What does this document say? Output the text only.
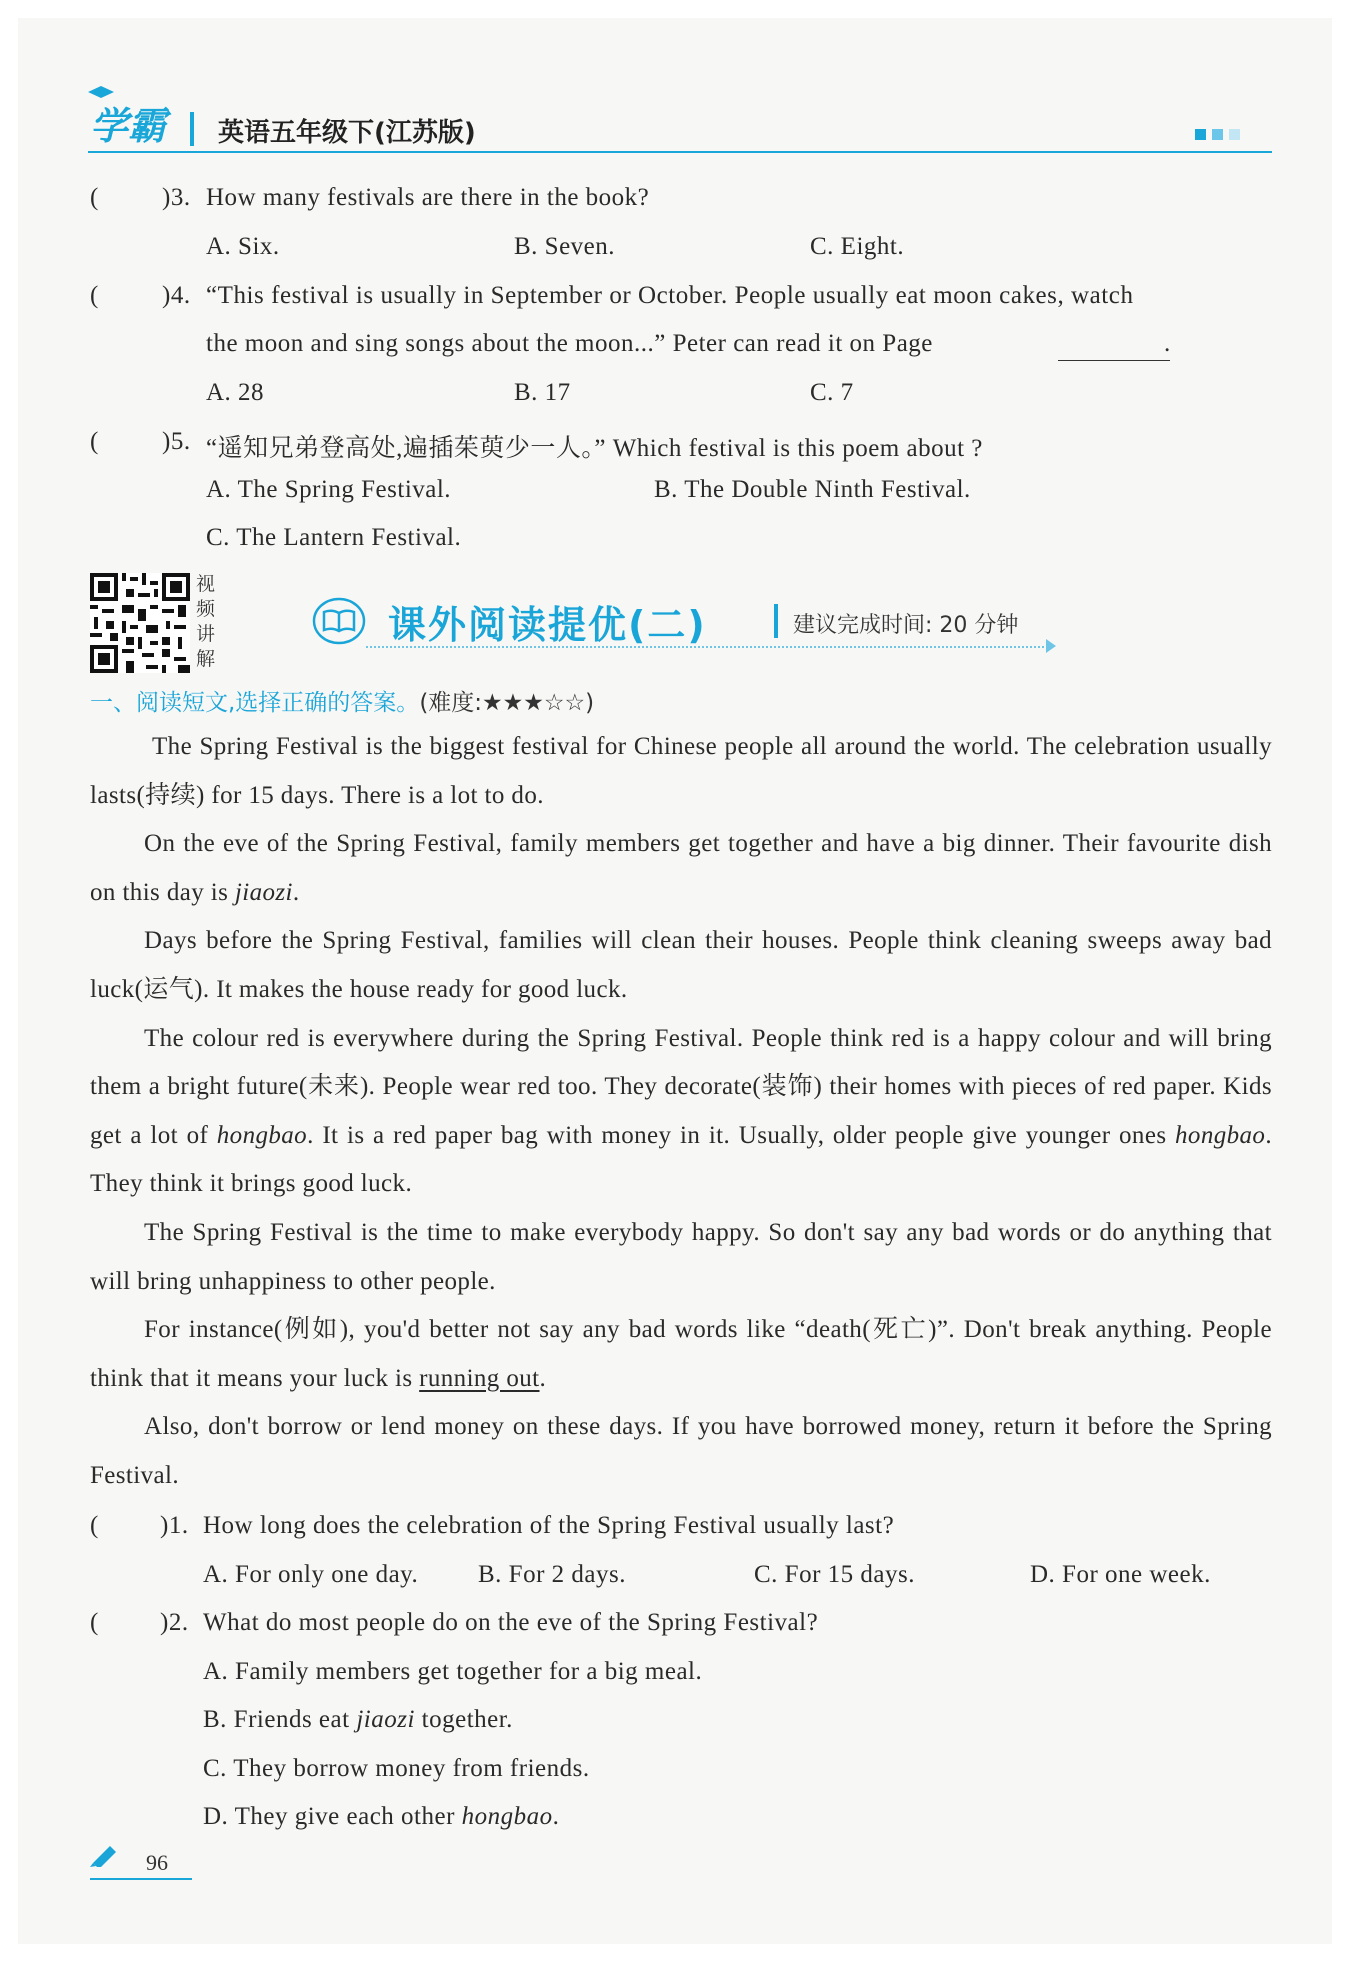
学霸 英语五年级下(江苏版)
(	)3. How many festivals are there in the book?
A. Six.	B. Seven.	C. Eight.
(	)4. “This festival is usually in September or October. People usually eat moon cakes, watch
the moon and sing songs about the moon...” Peter can read it on Page	.
A. 28	B. 17	C. 7
(	)5. “遥知兄弟登高处,遍插茱萸少一人。” Which festival is this poem about ?
A. The Spring Festival.	B. The Double Ninth Festival.
C. The Lantern Festival.
视频讲解
课外阅读提优(二)	建议完成时间: 20 分钟
一、阅读短文,选择正确的答案。(难度:★★★☆☆)

The Spring Festival is the biggest festival for Chinese people all around the world. The celebration usually lasts(持续) for 15 days. There is a lot to do.

On the eve of the Spring Festival, family members get together and have a big dinner. Their favourite dish on this day is jiaozi.

Days before the Spring Festival, families will clean their houses. People think cleaning sweeps away bad luck(运气). It makes the house ready for good luck.

The colour red is everywhere during the Spring Festival. People think red is a happy colour and will bring them a bright future(未来). People wear red too. They decorate(装饰) their homes with pieces of red paper. Kids get a lot of hongbao. It is a red paper bag with money in it. Usually, older people give younger ones hongbao. They think it brings good luck.

The Spring Festival is the time to make everybody happy. So don't say any bad words or do anything that will bring unhappiness to other people.

For instance(例如), you'd better not say any bad words like “death(死亡)”. Don't break anything. People think that it means your luck is running out.

Also, don't borrow or lend money on these days. If you have borrowed money, return it before the Spring Festival.

( )1. How long does the celebration of the Spring Festival usually last?
A. For only one day. B. For 2 days.	C. For 15 days.	D. For one week.
( )2. What do most people do on the eve of the Spring Festival?
A. Family members get together for a big meal.
B. Friends eat jiaozi together.
C. They borrow money from friends.
D. They give each other hongbao.
96
